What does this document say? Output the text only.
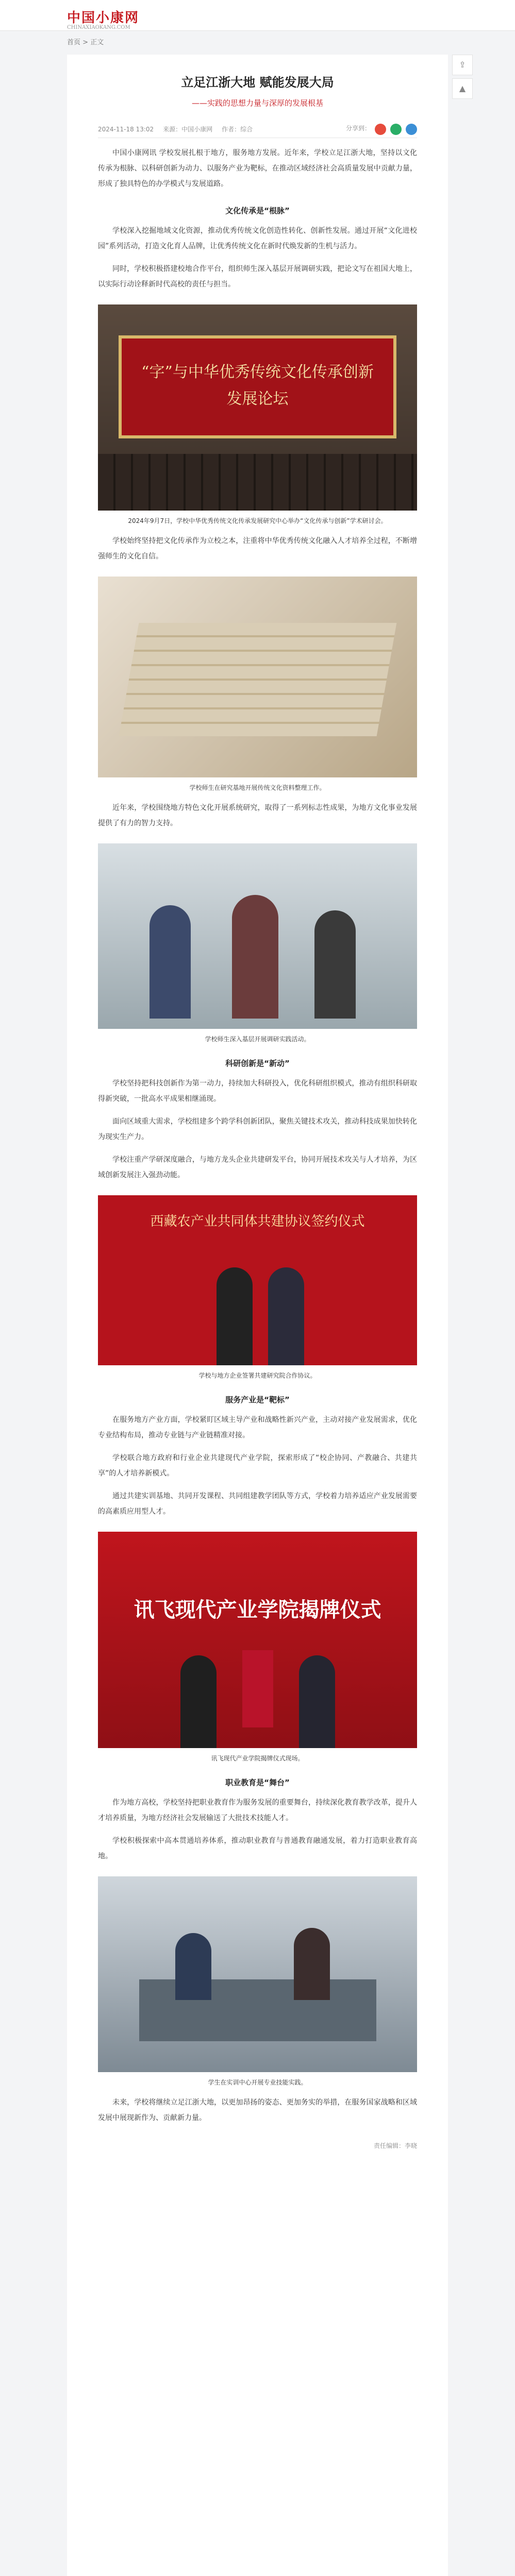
中国小康网
CHINAXIAOKANG.COM
首页 > 正文
立足江浙大地 赋能发展大局
——实践的思想力量与深厚的发展根基
2024-11-18 13:02 来源：中国小康网 作者：综合	分享到：

中国小康网讯 学校发展扎根于地方，服务地方发展。近年来，学校立足江浙大地，坚持以文化传承为根脉、以科研创新为动力、以服务产业为靶标，在推动区域经济社会高质量发展中贡献力量，形成了独具特色的办学模式与发展道路。

文化传承是“根脉”

学校深入挖掘地域文化资源，推动优秀传统文化创造性转化、创新性发展。通过开展“文化进校园”系列活动，打造文化育人品牌，让优秀传统文化在新时代焕发新的生机与活力。

同时，学校积极搭建校地合作平台，组织师生深入基层开展调研实践，把论文写在祖国大地上，以实际行动诠释新时代高校的责任与担当。

“字”与中华优秀传统文化传承创新发展论坛
2024年9月7日，学校中华优秀传统文化传承发展研究中心举办“文化传承与创新”学术研讨会。

学校始终坚持把文化传承作为立校之本，注重将中华优秀传统文化融入人才培养全过程，不断增强师生的文化自信。

学校师生在研究基地开展传统文化资料整理工作。

近年来，学校围绕地方特色文化开展系统研究，取得了一系列标志性成果，为地方文化事业发展提供了有力的智力支持。

学校师生深入基层开展调研实践活动。
科研创新是“新动”

学校坚持把科技创新作为第一动力，持续加大科研投入，优化科研组织模式，推动有组织科研取得新突破，一批高水平成果相继涌现。

面向区域重大需求，学校组建多个跨学科创新团队，聚焦关键技术攻关，推动科技成果加快转化为现实生产力。

学校注重产学研深度融合，与地方龙头企业共建研发平台，协同开展技术攻关与人才培养，为区域创新发展注入强劲动能。

西藏农产业共同体共建协议签约仪式
学校与地方企业签署共建研究院合作协议。
服务产业是“靶标”

在服务地方产业方面，学校紧盯区域主导产业和战略性新兴产业，主动对接产业发展需求，优化专业结构布局，推动专业链与产业链精准对接。

学校联合地方政府和行业企业共建现代产业学院，探索形成了“校企协同、产教融合、共建共享”的人才培养新模式。

通过共建实训基地、共同开发课程、共同组建教学团队等方式，学校着力培养适应产业发展需要的高素质应用型人才。

讯飞现代产业学院揭牌仪式
讯飞现代产业学院揭牌仪式现场。
职业教育是“舞台”

作为地方高校，学校坚持把职业教育作为服务发展的重要舞台，持续深化教育教学改革，提升人才培养质量，为地方经济社会发展输送了大批技术技能人才。

学校积极探索中高本贯通培养体系，推动职业教育与普通教育融通发展，着力打造职业教育高地。

学生在实训中心开展专业技能实践。

未来，学校将继续立足江浙大地，以更加昂扬的姿态、更加务实的举措，在服务国家战略和区域发展中展现新作为、贡献新力量。

责任编辑：李晓
⇪
▲
